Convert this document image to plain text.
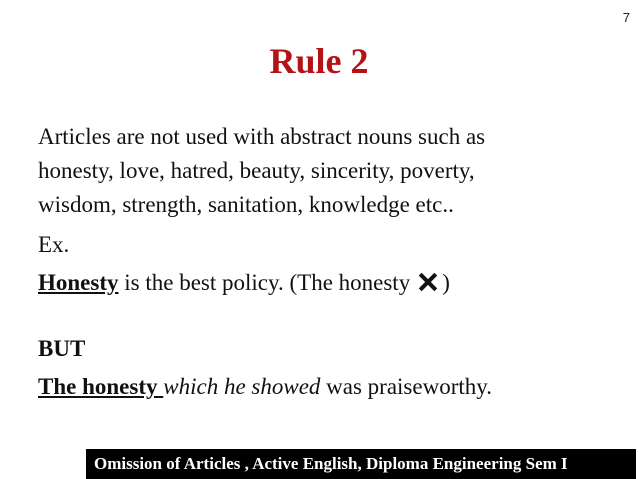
7
Rule 2

Articles are not used with abstract nouns such as

honesty, love, hatred, beauty, sincerity, poverty,

wisdom, strength, sanitation, knowledge etc..

Ex.

Honesty is the best policy. (The honesty )

BUT

The honesty which he showed was praiseworthy.

Omission of Articles , Active English, Diploma Engineering Sem I
